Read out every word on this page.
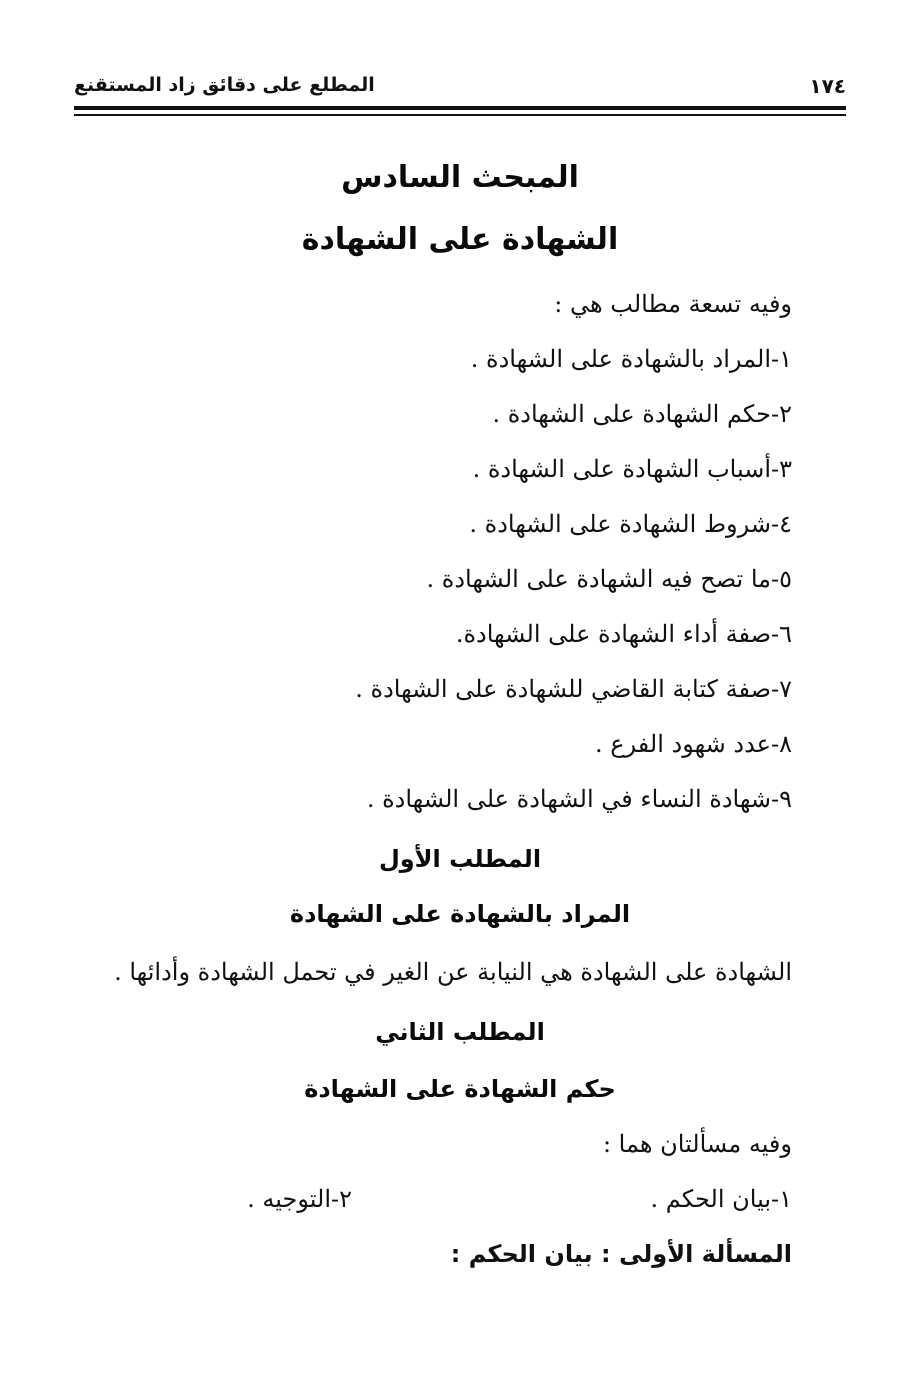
١٧٤
المطلع على دقائق زاد المستقنع
المبحث السادس
الشهادة على الشهادة
وفيه تسعة مطالب هي :
١-المراد بالشهادة على الشهادة .
٢-حكم الشهادة على الشهادة .
٣-أسباب الشهادة على الشهادة .
٤-شروط الشهادة على الشهادة .
٥-ما تصح فيه الشهادة على الشهادة .
٦-صفة أداء الشهادة على الشهادة.
٧-صفة كتابة القاضي للشهادة على الشهادة .
٨-عدد شهود الفرع .
٩-شهادة النساء في الشهادة على الشهادة .
المطلب الأول
المراد بالشهادة على الشهادة
الشهادة على الشهادة هي النيابة عن الغير في تحمل الشهادة وأدائها .
المطلب الثاني
حكم الشهادة على الشهادة
وفيه مسألتان هما :
١-بيان الحكم .
٢-التوجيه .
المسألة الأولى : بيان الحكم :
